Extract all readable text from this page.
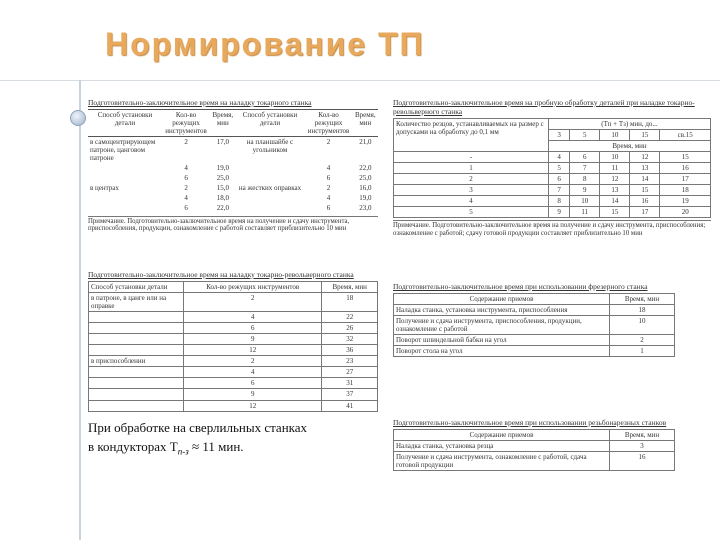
Нормирование ТП
Подготовительно-заключительное время на наладку токарного станка
Способ установки детали	Кол-во режущих инструментов	Время, мин	Способ установки детали	Кол-во режущих инструментов	Время, мин
в самоцентрирующем патроне, цанговом патроне	2	17,0	на планшайбе с угольником	2	21,0
	4	19,0		4	22,0
	6	25,0		6	25,0
в центрах	2	15,0	на жестких оправках	2	16,0
	4	18,0		4	19,0
	6	22,0		6	23,0
Примечание. Подготовительно-заключительное время на получение и сдачу инструмента, приспособления, продукции, ознакомление с работой составляет приблизительно 10 мин
Подготовительно-заключительное время на пробную обработку деталей при наладке токарно-револьверного станка
Количество резцов, устанавливаемых на размер с допусками на обработку до 0,1 мм	(Тп + Тз) мин, до...				
	3	5	10	15	св.15
	Время, мин				
-	4	6	10	12	15
1	5	7	11	13	16
2	6	8	12	14	17
3	7	9	13	15	18
4	8	10	14	16	19
5	9	11	15	17	20
Примечание. Подготовительно-заключительное время на получение и сдачу инструмента, приспособления; ознакомление с работой; сдачу готовой продукции составляет приблизительно 10 мин
Подготовительно-заключительное время на наладку токарно-револьверного станка
Способ установки детали	Кол-во режущих инструментов	Время, мин
в патроне, в цанге или на оправке	2	18
	4	22
	6	26
	9	32
	12	36
в приспособлении	2	23
	4	27
	6	31
	9	37
	12	41
Подготовительно-заключительное время при использовании фрезерного станка
Содержание приемов	Время, мин
Наладка станка, установка инструмента, приспособления	18
Получение и сдача инструмента, приспособления, продукции, ознакомление с работой	10
Поворот шпиндельной бабки на угол	2
Поворот стола на угол	1
Подготовительно-заключительное время при использовании резьбонарезных станков
Содержание приемов	Время, мин
Наладка станка, установка резца	3
Получение и сдача инструмента, ознакомление с работой, сдача готовой продукции	16
При обработке на сверлильных станках
в кондукторах $T_{п-з} \approx 11$ мин.
